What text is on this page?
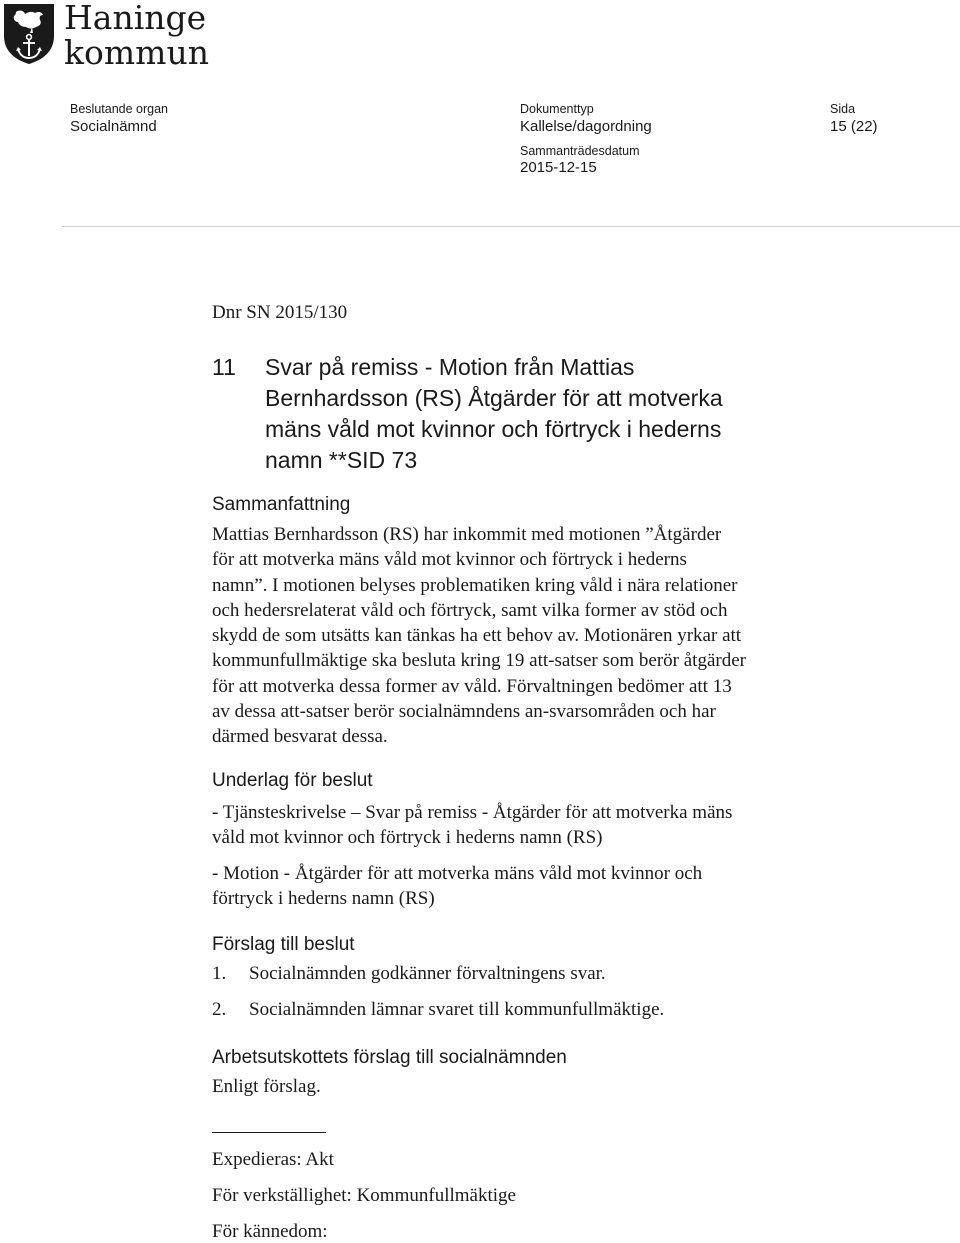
Haninge
kommun
Beslutande organ
Socialnämnd
Dokumenttyp
Kallelse/dagordning
Sida
15 (22)
Sammanträdesdatum
2015-12-15
Dnr SN 2015/130
11 Svar på remiss - Motion från Mattias
Bernhardsson (RS) Åtgärder för att motverka
mäns våld mot kvinnor och förtryck i hederns
namn **SID 73
Sammanfattning
Mattias Bernhardsson (RS) har inkommit med motionen ”Åtgärder
för att motverka mäns våld mot kvinnor och förtryck i hederns
namn”. I motionen belyses problematiken kring våld i nära relationer
och hedersrelaterat våld och förtryck, samt vilka former av stöd och
skydd de som utsätts kan tänkas ha ett behov av. Motionären yrkar att
kommunfullmäktige ska besluta kring 19 att-satser som berör åtgärder
för att motverka dessa former av våld. Förvaltningen bedömer att 13
av dessa att-satser berör socialnämndens an-svarsområden och har
därmed besvarat dessa.
Underlag för beslut
- Tjänsteskrivelse – Svar på remiss - Åtgärder för att motverka mäns
våld mot kvinnor och förtryck i hederns namn (RS)
- Motion - Åtgärder för att motverka mäns våld mot kvinnor och
förtryck i hederns namn (RS)
Förslag till beslut
1. Socialnämnden godkänner förvaltningens svar.
2. Socialnämnden lämnar svaret till kommunfullmäktige.
Arbetsutskottets förslag till socialnämnden
Enligt förslag.
Expedieras: Akt
För verkställighet: Kommunfullmäktige
För kännedom:
